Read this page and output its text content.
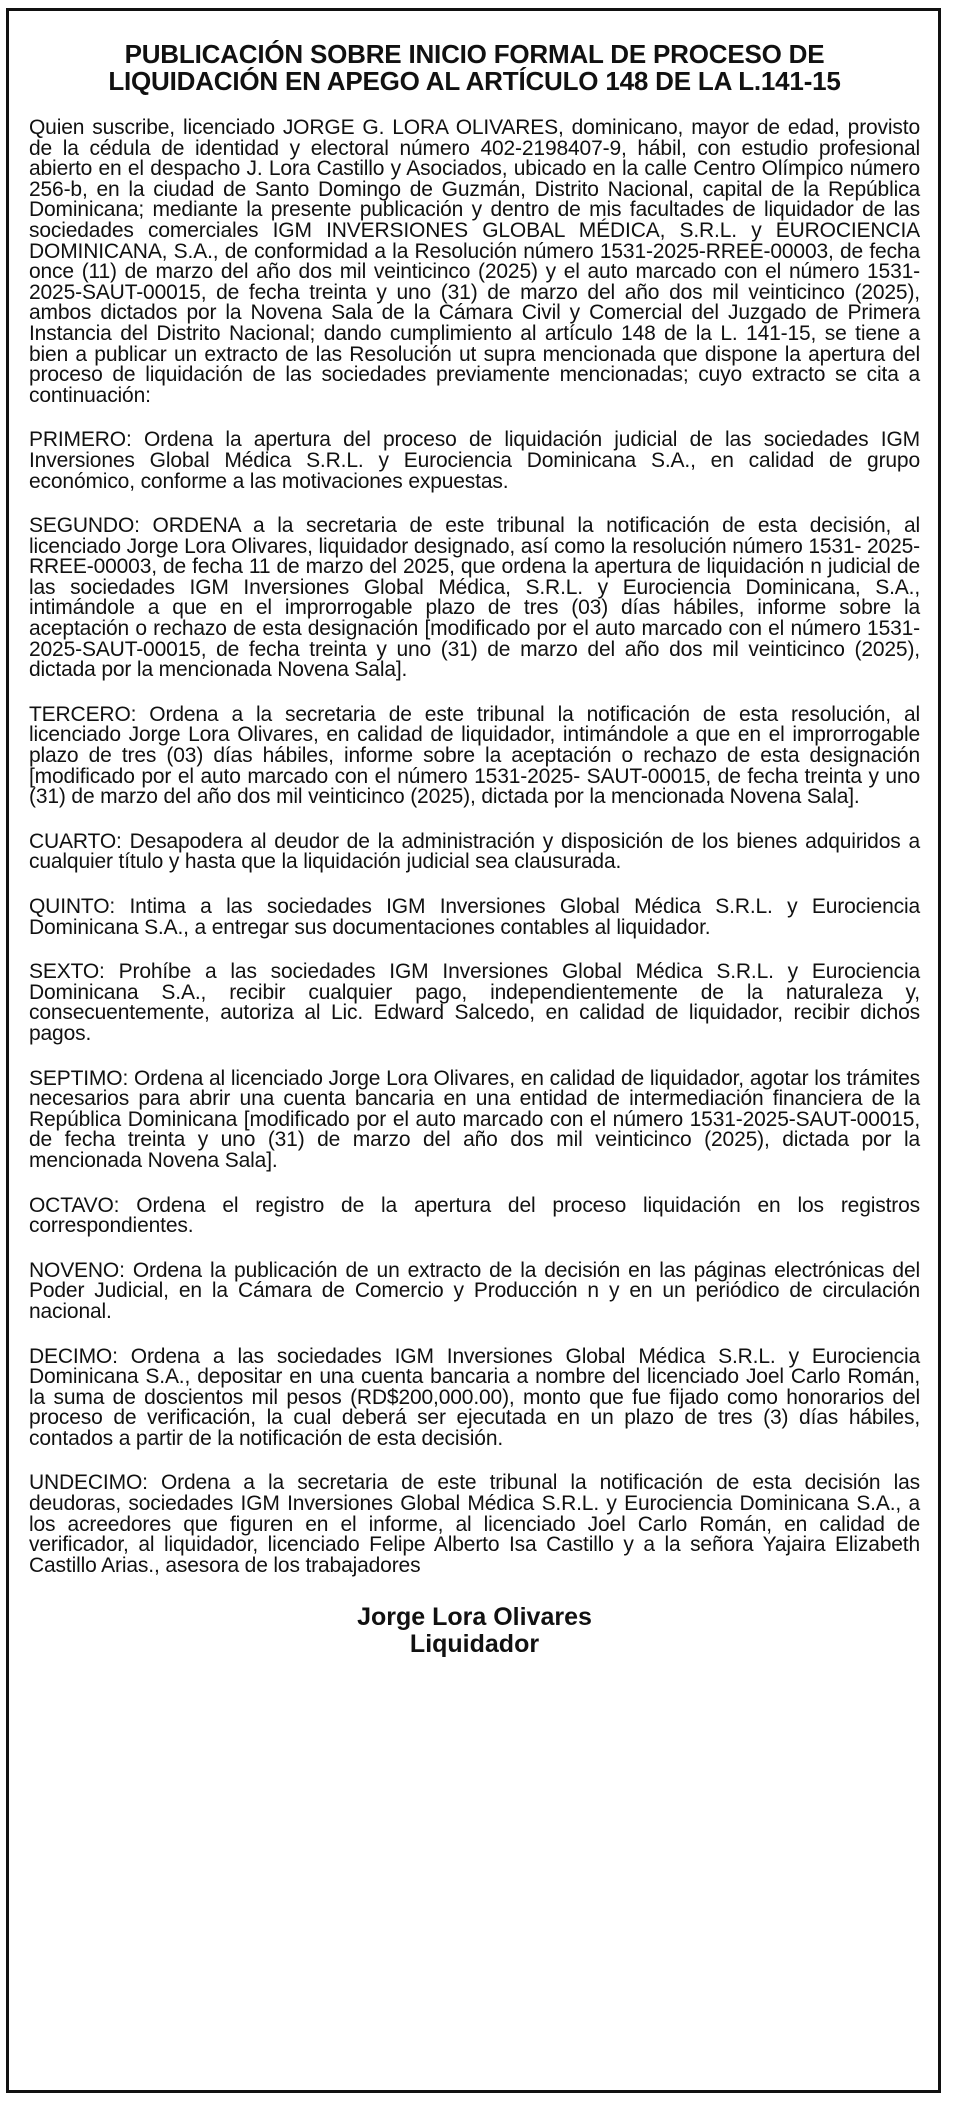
PUBLICACIÓN SOBRE INICIO FORMAL DE PROCESO DE
LIQUIDACIÓN EN APEGO AL ARTÍCULO 148 DE LA L.141-15

Quien suscribe, licenciado JORGE G. LORA OLIVARES, dominicano, mayor de edad, provisto de la cédula de identidad y electoral número 402-2198407-9, hábil, con estudio profesional abierto en el despacho J. Lora Castillo y Asociados, ubicado en la calle Centro Olímpico número 256-b, en la ciudad de Santo Domingo de Guzmán, Distrito Nacional, capital de la República Dominicana; mediante la presente publicación y dentro de mis facultades de liquidador de las sociedades comerciales IGM INVERSIONES GLOBAL MÉDICA, S.R.L. y EUROCIENCIA DOMINICANA, S.A., de conformidad a la Resolución número 1531-2025-RREE-00003, de fecha once (11) de marzo del año dos mil veinticinco (2025) y el auto marcado con el número 1531-2025-SAUT-00015, de fecha treinta y uno (31) de marzo del año dos mil veinticinco (2025), ambos dictados por la Novena Sala de la Cámara Civil y Comercial del Juzgado de Primera Instancia del Distrito Nacional; dando cumplimiento al artículo 148 de la L. 141-15, se tiene a bien a publicar un extracto de las Resolución ut supra mencionada que dispone la apertura del proceso de liquidación de las sociedades previamente mencionadas; cuyo extracto se cita a continuación:

PRIMERO: Ordena la apertura del proceso de liquidación judicial de las sociedades IGM Inversiones Global Médica S.R.L. y Eurociencia Dominicana S.A., en calidad de grupo económico, conforme a las motivaciones expuestas.

SEGUNDO: ORDENA a la secretaria de este tribunal la notificación de esta decisión, al licenciado Jorge Lora Olivares, liquidador designado, así como la resolución número 1531- 2025-RREE-00003, de fecha 11 de marzo del 2025, que ordena la apertura de liquidación n judicial de las sociedades IGM Inversiones Global Médica, S.R.L. y Eurociencia Dominicana, S.A., intimándole a que en el improrrogable plazo de tres (03) días hábiles, informe sobre la aceptación o rechazo de esta designación [modificado por el auto marcado con el número 1531-2025-SAUT-00015, de fecha treinta y uno (31) de marzo del año dos mil veinticinco (2025), dictada por la mencionada Novena Sala].

TERCERO: Ordena a la secretaria de este tribunal la notificación de esta resolución, al licenciado Jorge Lora Olivares, en calidad de liquidador, intimándole a que en el improrrogable plazo de tres (03) días hábiles, informe sobre la aceptación o rechazo de esta designación [modificado por el auto marcado con el número 1531-2025- SAUT-00015, de fecha treinta y uno (31) de marzo del año dos mil veinticinco (2025), dictada por la mencionada Novena Sala].

CUARTO: Desapodera al deudor de la administración y disposición de los bienes adquiridos a cualquier título y hasta que la liquidación judicial sea clausurada.

QUINTO: Intima a las sociedades IGM Inversiones Global Médica S.R.L. y Eurociencia Dominicana S.A., a entregar sus documentaciones contables al liquidador.

SEXTO: Prohíbe a las sociedades IGM Inversiones Global Médica S.R.L. y Eurociencia Dominicana S.A., recibir cualquier pago, independientemente de la naturaleza y, consecuentemente, autoriza al Lic. Edward Salcedo, en calidad de liquidador, recibir dichos pagos.

SEPTIMO: Ordena al licenciado Jorge Lora Olivares, en calidad de liquidador, agotar los trámites necesarios para abrir una cuenta bancaria en una entidad de intermediación financiera de la República Dominicana [modificado por el auto marcado con el número 1531-2025-SAUT-00015, de fecha treinta y uno (31) de marzo del año dos mil veinticinco (2025), dictada por la mencionada Novena Sala].

OCTAVO: Ordena el registro de la apertura del proceso liquidación en los registros correspondientes.

NOVENO: Ordena la publicación de un extracto de la decisión en las páginas electrónicas del Poder Judicial, en la Cámara de Comercio y Producción n y en un periódico de circulación nacional.

DECIMO: Ordena a las sociedades IGM Inversiones Global Médica S.R.L. y Eurociencia Dominicana S.A., depositar en una cuenta bancaria a nombre del licenciado Joel Carlo Román, la suma de doscientos mil pesos (RD$200,000.00), monto que fue fijado como honorarios del proceso de verificación, la cual deberá ser ejecutada en un plazo de tres (3) días hábiles, contados a partir de la notificación de esta decisión.

UNDECIMO: Ordena a la secretaria de este tribunal la notificación de esta decisión las deudoras, sociedades IGM Inversiones Global Médica S.R.L. y Eurociencia Dominicana S.A., a los acreedores que figuren en el informe, al licenciado Joel Carlo Román, en calidad de verificador, al liquidador, licenciado Felipe Alberto Isa Castillo y a la señora Yajaira Elizabeth Castillo Arias., asesora de los trabajadores

Jorge Lora Olivares
Liquidador
